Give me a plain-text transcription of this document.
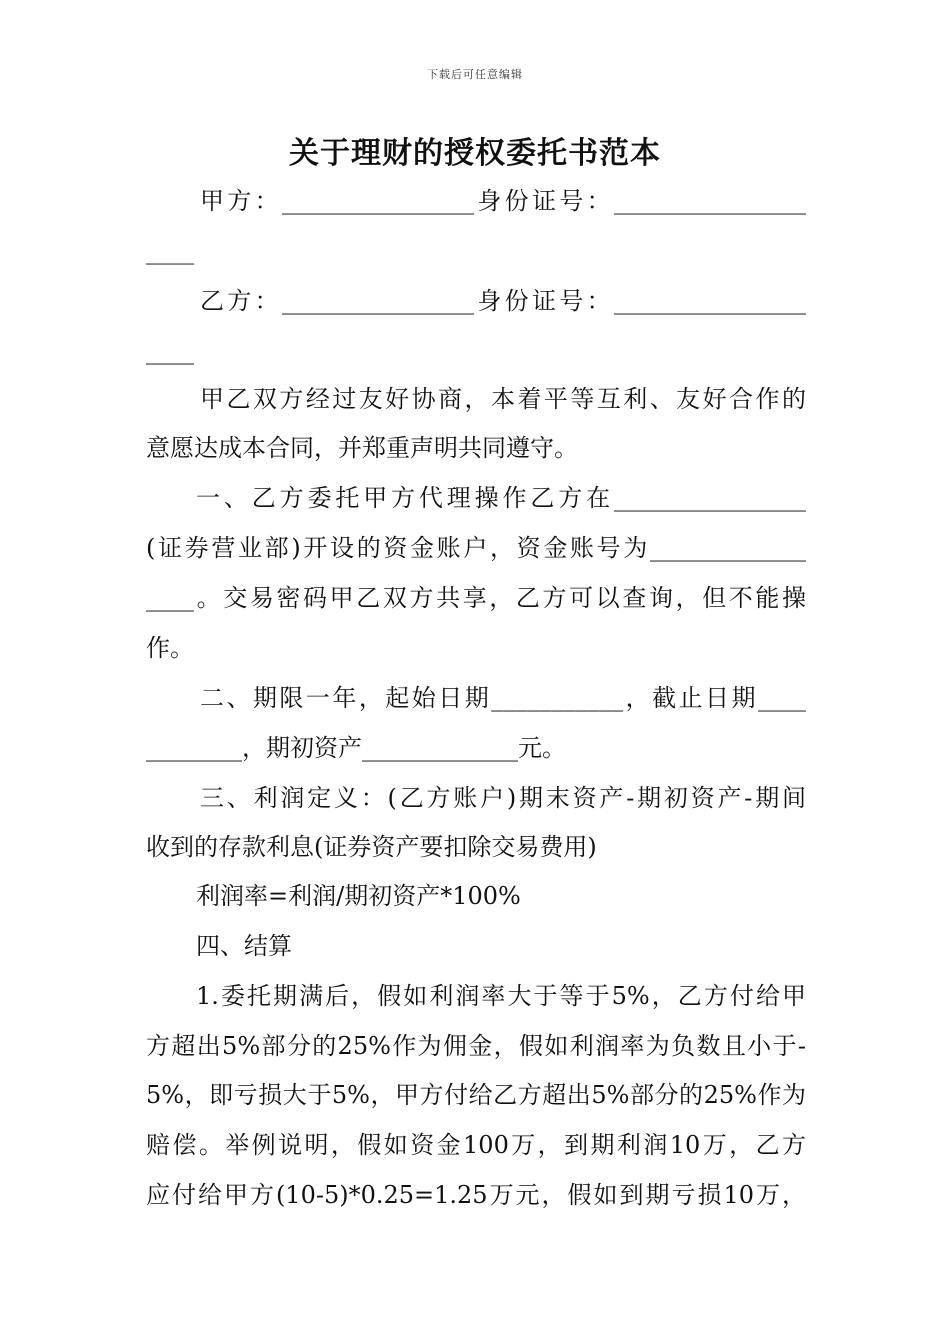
下载后可任意编辑
关于理财的授权委托书范本
甲方：________________身份证号：________________
____
乙方：________________身份证号：________________
____
甲乙双方经过友好协商，本着平等互利、友好合作的
意愿达成本合同，并郑重声明共同遵守。
一、乙方委托甲方代理操作乙方在________________
(证券营业部)开设的资金账户，资金账号为_____________
____。交易密码甲乙双方共享，乙方可以查询，但不能操
作。
二、期限一年，起始日期___________，截止日期____
________，期初资产_____________元。
三、利润定义：(乙方账户)期末资产-期初资产-期间
收到的存款利息(证券资产要扣除交易费用)
利润率=利润/期初资产*100%
四、结算
1.委托期满后，假如利润率大于等于5%，乙方付给甲
方超出5%部分的25%作为佣金，假如利润率为负数且小于-
5%，即亏损大于5%，甲方付给乙方超出5%部分的25%作为
赔偿。举例说明，假如资金100万，到期利润10万，乙方
应付给甲方(10-5)*0.25=1.25万元，假如到期亏损10万，
